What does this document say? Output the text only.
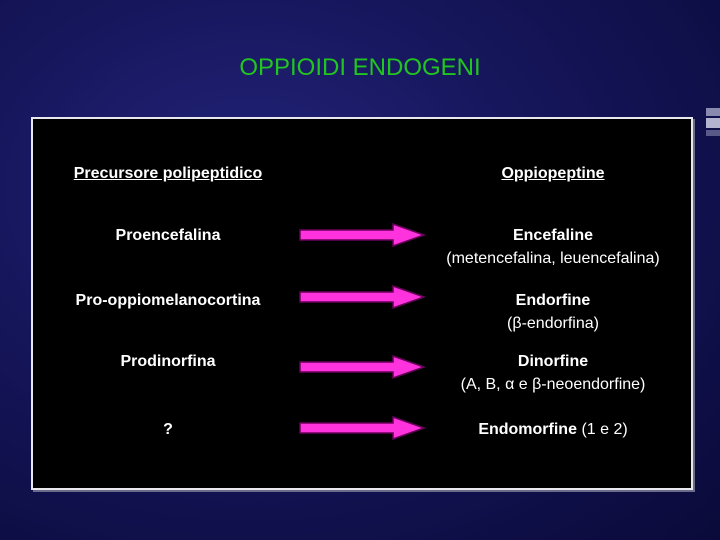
OPPIOIDI ENDOGENI
Precursore polipeptidico	Oppiopeptine
Proencefalina	Encefaline
(metencefalina, leuencefalina)
Pro-oppiomelanocortina	Endorfine
(β-endorfina)
Prodinorfina	Dinorfine
(A, B, α e β-neoendorfine)
?	Endomorfine (1 e 2)
